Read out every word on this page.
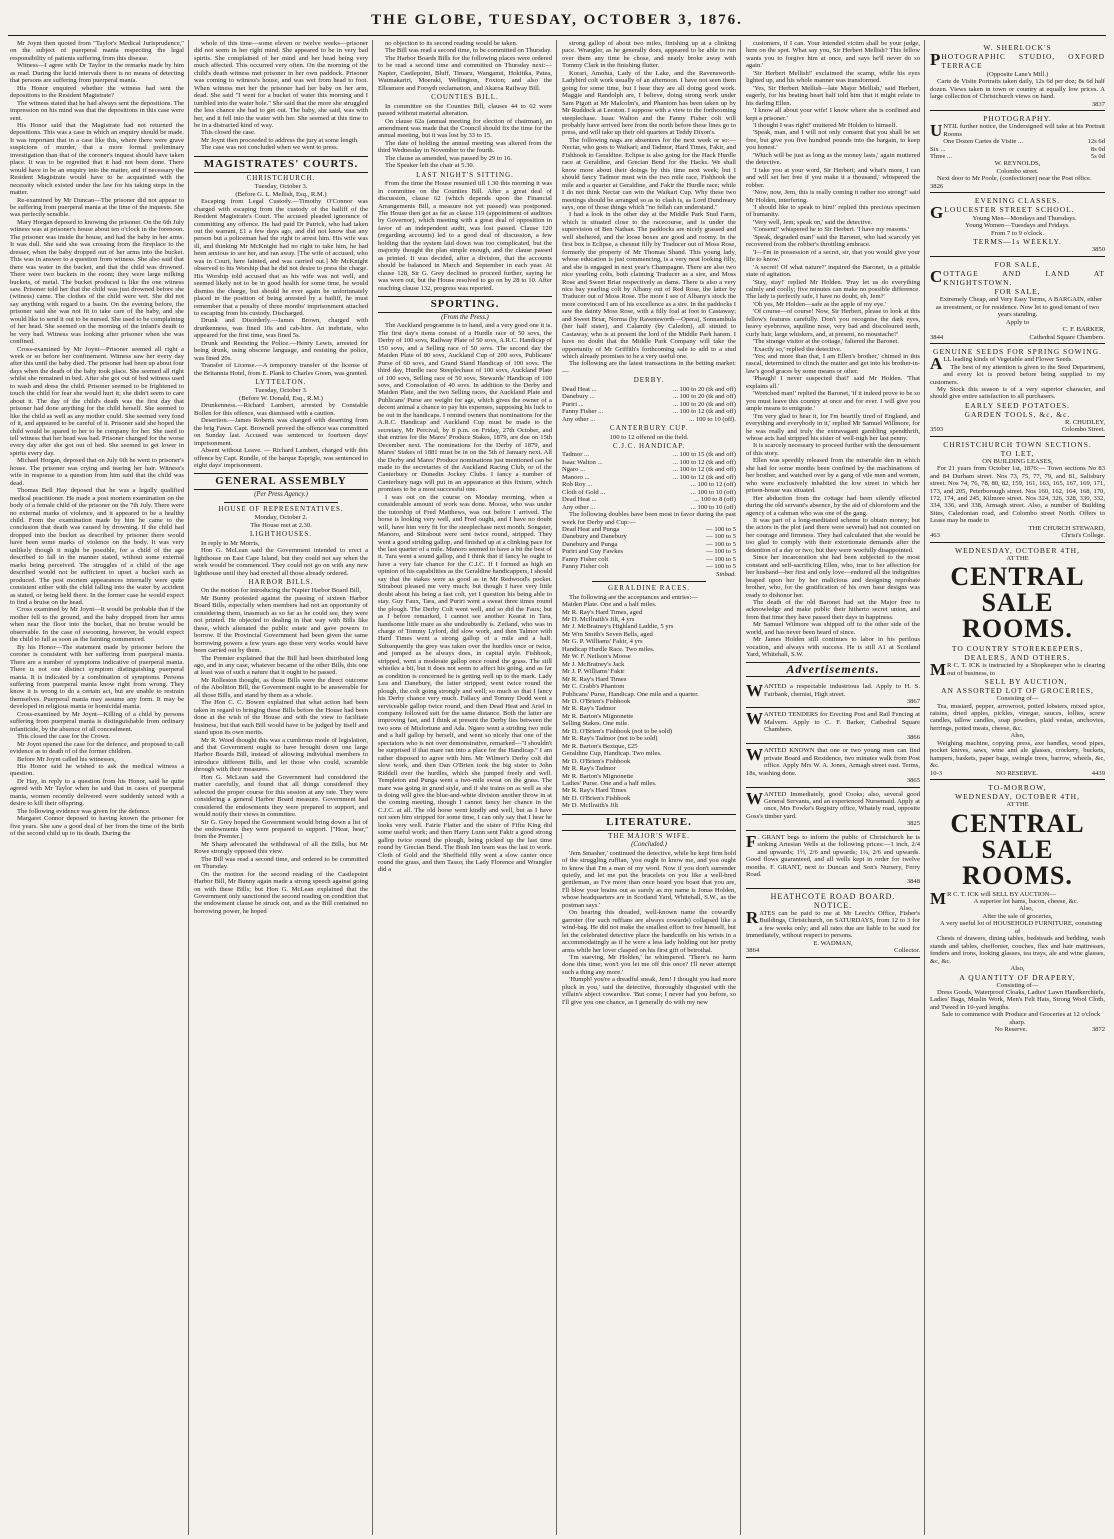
THE GLOBE, TUESDAY, OCTOBER 3, 1876.

Mr Joynt then quoted from "Taylor's Medical Jurisprudence," on the subject of puerperal mania respecting the legal responsibility of patients suffering from this disease.

Witness—I agree with Dr Taylor in the remarks made by him as read. During the lucid intervals there is no means of detecting that persons are suffering from puerperal mania.

His Honor enquired whether the witness had sent the depositions to the Resident Magistrate?

The witness stated that he had always sent the depositions. The impression on his mind was that the depositions in this case were sent.

His Honor said that the Magistrate had not returned the depositions. This was a case in which an enquiry should be made. It was important that in a case like this, where there were grave suspicions of murder, that a more formal preliminary investigation than that of the coroner's inquest should have taken place. It was to be regretted that it had not been done. There would have to be an enquiry into the matter, and if necessary the Resident Magistrate would have to be acquainted with the necessity which existed under the law for his taking steps in the matter.

Re-examined by Mr Duncan—The prisoner did not appear to be suffering from puerperal mania at the time of the inquests. She was perfectly sensible.

Mary Horgan deposed to knowing the prisoner. On the 6th July witness was at prisoner's house about ten o'clock in the forenoon. The prisoner was inside the house, and had the baby in her arms. It was dull. She said she was crossing from the fireplace to the dresser, when the baby dropped out of her arms into the bucket. This was in answer to a question from witness. She also said that there was water in the bucket, and that the child was drowned. There were two buckets in the room; they were large milking buckets, of metal. The bucket produced is like the one witness saw. Prisoner told her that the child was just drowned before she (witness) came. The clothes of the child were wet. She did not say anything with regard to a basin. On the evening before, the prisoner said she was not fit to take care of the baby, and she would like to send it out to be nursed. She used to be complaining of her head. She seemed on the morning of the infant's death to be very bad. Witness was looking after prisoner when she was confined.

Cross-examined by Mr Joynt—Prisoner seemed all right a week or so before her confinement. Witness saw her every day after this until the baby died. The prisoner had been up about four days when the death of the baby took place. She seemed all right whilst she remained in bed. After she got out of bed witness used to wash and dress the child. Prisoner seemed to be frightened to touch the child for fear she would hurt it; she didn't seem to care about it. The day of the child's death was the first day that prisoner had done anything for the child herself. She seemed to like the child as well as any mother could. She seemed very fond of it, and appeared to be careful of it. Prisoner said she hoped the child would be spared to her to be company for her. She used to tell witness that her head was bad. Prisoner changed for the worse every day after she got out of bed. She seemed to get lower in spirits every day.

Michael Horgan, deposed that on July 6th he went to prisoner's house. The prisoner was crying and tearing her hair. Witness's wife in response to a question from him said that the child was dead.

Thomas Bell Hay deposed that he was a legally qualified medical practitioner. He made a post mortem examination on the body of a female child of the prisoner on the 7th July. There were no external marks of violence, and it appeared to be a healthy child. From the examination made by him he came to the conclusion that death was caused by drowning. If the child had dropped into the bucket as described by prisoner there would have been some marks of violence on the body. It was very unlikely though it might be possible, for a child of the age described to fall in the manner stated, without some external marks being perceived. The struggles of a child of the age described would not be sufficient to upset a bucket such as produced. The post mortem appearances internally were quite consistent either with the child falling into the water by accident as stated, or being held there. In the former case he would expect to find a bruise on the head.

Cross examined by Mr Joynt—It would be probable that if the mother fell to the ground, and the baby dropped from her arms when near the floor into the bucket, that no bruise would be observable. In the case of swooning, however, he would expect the child to fall as soon as the fainting commenced.

By his Honor—The statement made by prisoner before the coroner is consistent with her suffering from puerperal mania. There are a number of symptoms indicative of puerperal mania. There is not one distinct symptom distinguishing puerperal mania. It is indicated by a combination of symptoms. Persons suffering from puerperal mania know right from wrong. They know it is wrong to do a certain act, but are unable to restrain themselves. Puerperal mania may assume any form. It may be developed in religious mania or homicidal mania.

Cross-examined by Mr Joynt—Killing of a child by persons suffering from puerperal mania is distinguishable from ordinary infanticide, by the absence of all concealment.

This closed the case for the Crown.

Mr Joynt opened the case for the defence, and proposed to call evidence as to death of of the former children.

Before Mr Joynt called his witnesses,

His Honor said he wished to ask the medical witness a question.

Dr Hay, in reply to a question from his Honor, said he quite agreed with Mr Taylor when he said that in cases of puerperal mania, women recently delivered were suddenly seized with a desire to kill their offspring.

The following evidence was given for the defence.

Margaret Connor deposed to having known the prisoner for five years. She saw a good deal of her from the time of the birth of the second child up to its death. During the

whole of this time—some eleven or twelve weeks—prisoner did not seem in her right mind. She appeared to be in very bad spirits. She complained of her mind and her head being very much affected. This occurred very often. On the morning of the child's death witness met prisoner in her own paddock. Prisoner was coming to witness's house, and was wet from head to foot. When witness met her the prisoner had her baby on her arm, dead. She said "I went for a bucket of water this morning and I tumbled into the water hole." She said that the more she struggled the less chance she had to get out. The baby, she said, was with her, and it fell into the water with her. She seemed at this time to be in a distracted kind of way.

This closed the case.

Mr Joynt then proceeded to address the jury at some length.

The case was not concluded when we went to press.

MAGISTRATES' COURTS.
CHRISTCHURCH.
Tuesday, October 3.
(Before G. L. Mellish, Esq., R.M.)

Escaping from Legal Custody.—Timothy O'Connor was charged with escaping from the custody of the bailiff of the Resident Magistrate's Court. The accused pleaded ignorance of committing any offence. He had paid Dr Patrick, who had taken out the warrant, £1 a few days ago, and did not know that any person but a policeman had the right to arrest him. His wife was ill, and thinking Mr McKnight had no right to take him, he had been anxious to see her, and ran away. [The wife of accused, who was in Court, here fainted, and was carried out.] Mr McKnight observed to his Worship that he did not desire to press the charge. His Worship told accused that as his wife was not well, and seemed likely not to be in good health for some time, he would dismiss the charge, but should he ever again be unfortunately placed in the position of being arrested by a bailiff, he must remember that a penalty of three months' imprisonment attached to escaping from his custody. Discharged.

Drunk and Disorderly.—James Brown, charged with drunkenness, was fined 10s and cab-hire. An inebriate, who appeared for the first time, was fined 5s.

Drunk and Resisting the Police.—Henry Lewis, arrested for being drunk, using obscene language, and resisting the police, was fined 20s.

Transfer of License.—A temporary transfer of the license of the Britannia Hotel, from E. Plank to Charles Green, was granted.

LYTTELTON.
Tuesday, October 3.
(Before W. Donald, Esq., R.M.)

Drunkenness.—Richard Lambert, arrested by Constable Bollen for this offence, was dismissed with a caution.

Desertion.—James Roberts was charged with deserting from the brig Fawn. Capt. Brownell proved the offence was committed on Sunday last. Accused was sentenced to fourteen days' imprisonment.

Absent without Leave. — Richard Lambert, charged with this offence by Capt. Rundle, of the barque Esprigle, was sentenced to eight days' imprisonment.

GENERAL ASSEMBLY
(Per Press Agency.)
HOUSE OF REPRESENTATIVES.
Monday, October 2.
The House met at 2.30.
LIGHTHOUSES.

In reply to Mr Morris,

Hon G. McLean said the Government intended to erect a lighthouse on East Cape Island, but they could not say when the work would be commenced. They could not go on with any new lighthouse until they had erected all those already ordered.

HARBOR BILLS.

On the motion for introducing the Napier Harbor Board Bill,

Mr Bunny protested against the passing of sixteen Harbor Board Bills, especially when members had not an opportunity of considering them, inasmuch as so far as he could see, they were not printed. He objected to dealing in that way with Bills like these, which alienated the public estate and gave powers to borrow. If the Provincial Government had been given the same borrowing powers a few years ago these very works would have been carried out by them.

The Premier explained that the Bill had been distributed long ago, and in any case, whatever became of the other Bills, this one at least was of such a nature that it ought to be passed.

Mr Rolleston thought, as those Bills were the direct outcome of the Abolition Bill, the Government ought to be answerable for all those Bills, and stand by them as a whole.

The Hon C. C. Bowen explained that what action had been taken in regard to bringing these Bills before the House had been done at the wish of the House and with the view to facilitate business, but that each Bill would have to be judged by itself and stand upon its own merits.

Mr R. Wood thought this was a cumbrous mode of legislation, and that Government ought to have brought down one large Harbor Boards Bill, instead of allowing individual members to introduce different Bills, and let those who could, scramble through with their measures.

Hon G. McLean said the Government had considered the matter carefully, and found that all things considered they selected the proper course for this session at any rate. They were considering a general Harbor Board measure. Government had considered the endowments they were prepared to support, and would notify their views in committee.

Sir G. Grey hoped the Government would bring down a list of the endowments they were prepared to support. ["Hear, hear," from the Premier.]

Mr Sharp advocated the withdrawal of all the Bills, but Mr Rowe strongly opposed this view.

The Bill was read a second time, and ordered to be committed on Thursday.

On the motion for the second reading of the Castlepoint Harbor Bill, Mr Bunny again made a strong speech against going on with these Bills; but Hon G. McLean explained that the Government only sanctioned the second reading on condition that the endowment clause be struck out, and as the Bill contained no borrowing power, he hoped

no objection to its second reading would be taken.

The Bill was read a second time, to be committed on Thursday.

The Harbor Boards Bills for the following places were ordered to be read a second time and committed on Thursday next:—Napier, Castlepoint, Bluff, Timaru, Wanganui, Hokitika, Patea, Waimakariri, Moeraki, Wellington, Foxton; and also the Ellesmere and Forsyth reclamation, and Akaroa Railway Bill.

COUNTIES BILL.

In committee on the Counties Bill, clauses 44 to 62 were passed without material alteration.

On clause 62a (annual meeting for election of chairman), an amendment was made that the Council should fix the time for the annual meeting, but it was lost by 33 to 15.

The date of holding the annual meeting was altered from the third Wednesday in November to the fourth.

The clause as amended, was passed by 29 to 16.

The Speaker left the chair at 5.30.

LAST NIGHT'S SITTING.

From the time the House resumed till 1.30 this morning it was in committee on the Counties Bill. After a great deal of discussion, clause 62 (which depends upon the Financial Arrangements Bill, a measure not yet passed) was postponed. The House then got as far as clause 119 (appointment of auditors by Governor), which meeting with a great deal of opposition in favor of an independent audit, was lost passed. Clause 120 (regarding accounts) led to a good deal of discussion, a few holding that the system laid down was too complicated, but the majority thought the plan simple enough, and the clause passed as printed. It was decided, after a division, that the accounts should be balanced in March and September in each year. At clause 128, Sir G. Grey declined to proceed further, saying he was worn out, but the House resolved to go on by 28 to 10. After reaching clause 132, progress was reported.

SPORTING.
(From the Press.)

The Auckland programme is to hand, and a very good one it is. The first day's items consist of a Hurdle race of 50 sovs, the Derby of 100 sovs, Railway Plate of 50 sovs, A.R.C. Handicap of 150 sovs, and a Selling race of 50 sovs. The second day the Maiden Plate of 80 sovs, Auckland Cup of 200 sovs, Publicans' Purse of 60 sovs, and Grand Stand Handicap of 100 sovs. The third day, Hurdle race Steeplechase of 100 sovs, Auckland Plate of 100 sovs, Selling race of 50 sovs, Stewards' Handicap of 100 sovs, and Consolation of 40 sovs. In addition to the Derby and Maiden Plate, and the two Selling races, the Auckland Plate and Publicans' Purse are weight for age, which gives the owner of a decent animal a chance to pay his expenses, supposing his luck to be out in the handicaps. I remind owners that nominations for the A.R.C. Handicap and Auckland Cup must be made to the secretary, Mr Percival, by 8 p.m. on Friday, 27th October, and that entries for the Mares' Produce Stakes, 1879, are due on 15th December next. The nominations for the Derby of 1879, and Mares' Stakes of 1881 must be in on the 5th of January next. All the Derby and Mares' Produce nominations just mentioned can be made to the secretaries of the Auckland Racing Club, or of the Canterbury or Dunedin Jockey Clubs. I fancy a number of Canterbury nags will put in an appearance at this fixture, which promises to be a most successful one.

I was out on the course on Monday morning, when a considerable amount of work was done. Moose, who was under the tutorship of Fred Matthews, was out before I arrived. The horse is looking very well, and Fred ought, and I have no doubt will, have him very fit for the steeplechase next month. Songster, Manoro, and Stirabout were sent twice round, stripped. They went a good striding gallop, and finished up at a clinking pace for the last quarter of a mile. Manoro seemed to have a bit the best of it. Tara went a sound gallop, and I think that if fancy he ought to have a very fair chance for the C.J.C. If I formed as high an opinion of his capabilities as the Geraldine handicappers, I should say that the stakes were as good as in Mr Redwood's pocket. Stirabout pleased me very much; but though I have very little doubt about his being a fast colt, yet I question his being able to stay. Guy Faux, Tara, and Puriri went a sweat three times round the plough. The Derby Colt went well, and so did the Faux; but as I before remarked, I cannot see another Kearat in Tara, handsome little mare as she undoubtedly is. Zetland, who was in charge of Tommy Lyford, did slow work, and then Talmor with Hard Times went a strong gallop of a mile and a half. Subsequently the grey was taken over the hurdles once or twice, and jumped as he always does, in capital style. Fishhook, stripped, went a moderate gallop once round the grass. The still whistles a bit, but it does not seem to affect his going, and as far as condition is concerned he is getting well up to the mark. Lady Lea and Danebury, the latter stripped, went twice round the plough, the colt going strongly and well; so much so that I fancy his Derby chance very much. Fallacy and Tommy Dodd went a serviceable gallop twice round, and then Dead Heat and Ariel in company followed suit for the same distance. Both the latter are improving fast, and I think at present the Derby lies between the two sons of Misfortune and Ada. Ngaro went a striding two mile and a half gallop by herself, and went so nicely that one of the spectators who is not over demonstrative, remarked—"I shouldn't be surprised if that mare ran into a place for the Handicap." I am rather disposed to agree with him. Mr Wilmer's Derby colt did slow work, and then Dan O'Brien took the big sister to John Riddell over the hurdles, which she jumped freely and well. Templeton and Punga went a two-mile sweat on the grass. The mare was going in grand style, and if she trains on as well as she is doing will give the blue-and-white division another throw in at the coming meeting, though I cannot fancy her chance in the C.J.C. at all. The old horse went kindly and well, but as I have not seen him stripped for some time, I can only say that I hear he looks very well. Fairie Flatter and the sister of Fiftu King did some useful work; and then Harry Lunn sent Fakir a good strong gallop twice round the plough, being picked up the last time round by Grecian Bend. The Bush Inn team was the last to work. Cloth of Gold and the Sheffield filly went a slow canter once round the grass, and then Tasso; the Lady Florence and Wrangler did a

strong gallop of about two miles, finishing up at a clinking pace. Wrangler, as he generally does, appeared to be able to run over them any time he chose, and nearly broke away with Tommy Clark in the finishing flutter.

Korari, Amohia, Lady of the Lake, and the Ravensworth-Ladybird colt work usually of an afternoon. I have not seen them going for some time, but I hear they are all doing good work. Maggie and Randolph are, I believe, doing strong work under Sam Pigott at Mr Malcolm's, and Phantom has been taken up by Mr Ruddock at Leeston. I suppose with a view to the forthcoming steeplechase. Isaac Walton and the Fanny Fisher colt will probably have arrived here from the north before these lines go to press, and will take up their old quarters at Teddy Dixon's.

The following nags are absentees for the next week or so:—Nectar, who goes to Waikari; and Tadmor, Hard Times, Fakir, and Fishhook to Geraldine. Eclipse is also going for the Hack Hurdle race at Geraldine, and Grecian Bend for the Hacks. We shall know more about their doings by this time next week; but I should fancy Tadmor must win the two mile race, Fishhook the mile and a quarter at Geraldine, and Fakir the Hurdle race; while I do not think Nectar can win the Waikari Cup. Why these two meetings should be arranged so as to clash is, as Lord Dundreary says, one of those things which "no fellah can understand."

I had a look in the other day at the Middle Park Stud Farm, which is situated close to the racecourse, and is under the supervision of Ben Nathan. The paddocks are nicely grassed and well sheltered, and the loose boxes are good and roomy. In the first box is Eclipse, a chesnut filly by Traducer out of Moss Rose, formerly the property of Mr Thomas Shand. This young lady, whose education is just commencing, is a very neat looking filly, and she is engaged in next year's Champagne. There are also two nice yearling colts, both claiming Traducer as a sire, and Moss Rose and Sweet Briar respectively as dams. There is also a very nice bay yearling colt by Albany out of Red Rose, the latter by Traducer out of Moss Rose. The more I see of Albany's stock the more convinced I am of his excellence as a sire. In the paddocks I saw the dainty Moss Rose, with a filly foal at foot to Castaway; and Sweet Briar, Norma (by Ravensworth—Opera), Sonnambula (her half sister), and Calamity (by Caledon), all stinted to Castaway, who is at present the lord of the Middle Park harem. I have no doubt that the Middle Park Company will take the opportunity of Mr Griffith's forthcoming sale to add to a stud which already promises to be a very useful one.

The following are the latest transactions in the betting market:—

DERBY.
Dead Heat ...	... 100 to 20 (tk and off)
Danebury ...	... 100 to 20 (tk and off)
Puriri ...	... 100 to 20 (tk and off)
Fanny Fisher ...	... 100 to 12 (tk and off)
Any other ...	... 100 to 10 (off).
CANTERBURY CUP.
100 to 12 offered on the field.
C.J.C. HANDICAP.
Tadmor ...	... 100 to 15 (tk and off)
Isaac Walton ...	... 100 to 12 (tk and off)
Ngaro ...	... 100 to 12 (tk and off)
Manoro ...	... 100 to 12 (tk and off)
Rob Roy ...	... 100 to 12 (off)
Cloth of Gold ...	... 100 to 10 (off)
Dead Heat ...	... 100 to 8 (off)
Any other ...	... 100 to 10 (off)

The following doubles have been most in favor during the past week for Derby and Cup:—

Dead Heat and Punga	— 100 to 5
Danebury and Danebury	— 100 to 5
Danebury and Punga	— 100 to 5
Puriri and Guy Fawkes	— 100 to 5
Fanny Fisher colt	— 100 to 5
Fanny Fisher colt	— 100 to 5
Sinbad.
GERALDINE RACES.

The following are the acceptances and entries:—

Maiden Plate. One and a half miles.
Mr R. Ray's Hard Times, aged
Mr D. McIlraith's Jilt, 4 yrs
Mr J. McBratney's Highland Laddie, 5 yrs
Mr Wm Smith's Seven Bells, aged
Mr G. P. Williams' Fakir, 4 yrs
Handicap Hurdle Race. Two miles.
Mr W. F. Neilson's Moose
Mr J. McBratney's Jack
Mr J. P. Williams' Fakir
Mr R. Ray's Hard Times
Mr C. Crabb's Phantom
Publicans' Purse, Handicap. One mile and a quarter.
Mr D. O'Brien's Fishhook
Mr R. Ray's Tadmor
Mr R. Barton's Mignonette
Selling Stakes. One mile.
Mr D. O'Brien's Fishhook (not to be sold)
Mr R. Ray's Tadmor (not to be sold)
Mr R. Barton's Bezique, £25
Geraldine Cup, Handicap. Two miles.
Mr D. O'Brien's Fishhook
Mr R. Ray's Tadmor
Mr R. Barton's Mignonette
Ladies' Purse. One and a half miles.
Mr R. Ray's Hard Times
Mr D. O'Brien's Fishhook
Mr D. McIlraith's Jilt
LITERATURE.
THE MAJOR'S WIFE.
(Concluded.)

'Jem Smasher,' continued the detective, while he kept firm hold of the struggling ruffian, 'you ought to know me, and you ought to know that I'm a man of my word. Now if you don't surrender quietly, and let me put the bracelets on you like a well-bred gentleman, as I've more than once heard you boast that you are, I'll blow your brains out as surely as my name is Jonas Holden, whose headquarters are in Scotland Yard, Whitehall, S.W., as the postman says.'

On hearing this dreaded, well-known name the cowardly garroter (for such ruffians are always cowards) collapsed like a wind-bag. He did not make the smallest effort to free himself, but let the celebrated detective place the handcuffs on his wrists in a accommodatingly as if he were a less lady holding out her pretty arms while her lover clasped on his first gift of betrothal.

'I'm starving, Mr Holden,' he whimpered. 'There's no harm done this time; won't you let me off this once? I'll never attempt such a thing any more.'

'Humph! you're a dreadful sneak, Jem! I thought you had more pluck in you,' said the detective, thoroughly disgusted with the villain's abject cowardice. 'But come; I never had you before, so I'll give you one chance, as I generally do with my new

customers, if I can. Your intended victim shall be your judge, here on the spot. What say you, Sir Herbert Mellish? This fellow wants you to forgive him at once, and says he'll never do so again.'

'Sir Herbert Mellish!' exclaimed the scamp, while his eyes lighted up, and his whole manner was transformed.

'Yes, Sir Herbert Mellish—late Major Mellish,' said Herbert, eagerly, for his beating heart half told him that it might relate to his darling Ellen.

'I know all about your wife! I know where she is confined and kept a prisoner.'

'I thought I was right!' muttered Mr Holden to himself.

'Speak, man, and I will not only consent that you shall be set free, but give you five hundred pounds into the bargain, to keep you honest.'

'Which will be just as long as the money lasts,' again muttered the detective.

'I take you at your word, Sir Herbert; and what's more, I can and will set her free if you make it a thousand,' whispered the robber.

'Now, now, Jem, this is really coming it rather too strong!' said Mr Holden, interfering.

'I should like to speak to him!' replied this precious specimen of humanity.

'Very well, Jem; speak on,' said the detective.

'Consent!' whispered he to Sir Herbert. 'I have my reasons.'

'Speak, degraded man!' said the Baronet, who had scarcely yet recovered from the robber's throttling embrace.

'I—I'm in possession of a secret, sir, that you would give your life to know.'

'A secret! Of what nature?' inquired the Baronet, in a pitiable state of agitation.

'Stay, stay!' replied Mr Holden. 'Pray let us do everything calmly and coolly; five minutes can make no possible difference. The lady is perfectly safe, I have no doubt, eh, Jem?'

'Oh yes, Mr Holden—safe as the apple of my eye.'

'Of course—of course! Now, Sir Herbert, please to look at this fellow's features carefully. Don't you recognise the dark eyes, heavy eyebrows, aquiline nose, very bad and discoloured teeth, curly hair, large whiskers, and, at present, no moustache?'

'The strange visitor at the cottage,' faltered the Baronet.

'Exactly so,' replied the detective.

'Yes; and more than that, I am Ellen's brother,' chimed in this rascal, determined to clinch the matter and get into his brother-in-law's good graces by some means or other.

'Phaugh! I never suspected that!' said Mr Holden. 'That explains all.'

'Wretched man!' replied the Baronet, 'if it indeed prove to be so you must leave this country at once and for ever. I will give you ample means to emigrate.'

'I'm very glad to hear it, for I'm heartily tired of England, and everything and everybody in it,' replied Mr Samuel Willmore, for he was really and truly the extravagant gambling spendthrift, whose acts had stripped his sister of well-nigh her last penny.

It is scarcely necessary to proceed further with the denouement of this story.

Ellen was speedily released from the miserable den in which she had for some months been confined by the machinations of her brother, and watched over by a gang of vile men and women, who were exclusively inhabited the low street in which her prison-house was situated.

Her abduction from the cottage had been silently effected during the old servant's absence, by the aid of chloroform and the agency of a cabman who was one of the gang.

It was part of a long-meditated scheme to obtain money; but the actors in the plot (and there were several) had not counted on her courage and firmness. They had calculated that she would be too glad to comply with their extortionate demands after the detention of a day or two; but they were woefully disappointed.

Since her incarceration she had been subjected to the most constant and self-sacrificing Ellen, who, true to her affection for her husband—her first and only love—endured all the indignities heaped upon her by her malicious and designing reprobate brother, who, for the gratification of his own base designs was ready to dishonor her.

The death of the old Baronet had set the Major free to acknowledge and make public their hitherto secret union, and from that time they have passed their days in happiness.

Mr Samuel Wilmore was shipped off to the other side of the world, and has never been heard of since.

Mr James Holden still continues to labor in his perilous vocation, and always with success. He is still A1 at Scotland Yard, Whitehall, S.W.

Advertisements.
WANTED a respectable industrious lad. Apply to H. S. Fairbank, chemist, High street.
3867
WANTED TENDERS for Erecting Post and Rail Fencing at Malvern. Apply to C. F. Barker, Cathedral Square Chambers.
3866
WANTED KNOWN that one or two young men can find private Board and Residence, two minutes walk from Post office. Apply Mrs W. A. Jones, Armagh street east. Terms, 18s, washing done.
3865
WANTED Immediately, good Cooks; also, several good General Servants, and an experienced Nursemaid. Apply at once, Mrs Fowke's Registry office, Whately road, opposite Goss's timber yard.
3825
F . GRANT begs to inform the public of Christchurch he is sinking Artesian Wells at the following prices:—1 inch, 2/4 and upwards; 1½, 2/6 and upwards; 1¼, 2/6 and upwards. Good flows guaranteed, and all wells kept in order for twelve months. F. GRANT, next to Duncan and Son's Nursery, Ferry Road.
3848
HEATHCOTE ROAD BOARD.
NOTICE.
RATES can be paid to me at Mr Leech's Office, Fisher's Buildings, Christchurch, on SATURDAYS, from 12 to 3 for a few weeks only; and all rates due are liable to be sued for immediately, without respect to persons.
E. WADMAN,
3864	Collector.
W. SHERLOCK'S
PHOTOGRAPHIC STUDIO, OXFORD TERRACE
(Opposite Lane's Mill.)

Carte de Visite Portraits taken daily, 12s 6d per doz; 8s 6d half dozen. Views taken in town or country at equally low prices. A large collection of Christchurch views on hand.

3837
PHOTOGRAPHY.
UNTIL further notice, the Undersigned will take at his Portrait Rooms
One Dozen Cartes de Visite ...	12s 6d
Six ...	8s 0d
Three ...	5s 0d
W. REYNOLDS,
Colombo street.

Next door to Mr Poole, (confectioner) near the Post office.

3826
EVENING CLASSES.
GLOUCESTER STREET SCHOOL.
Young Men—Mondays and Thursdays.
Young Women—Tuesdays and Fridays.
From 7 to 9 o'clock.
TERMS—1s WEEKLY.
3850
FOR SALE,
COTTAGE AND LAND AT KNIGHTSTOWN.
FOR SALE,

Extremely Cheap, and Very Easy Terms, A BARGAIN, either as investment, or for residence. Now let to good tenant of two years standing.

Apply to
C. F. BARKER,
3844	Cathedral Square Chambers.
GENUINE SEEDS FOR SPRING SOWING.
ALL leading kinds of Vegetable and Flower Seeds.

The best of my attention is given to the Seed Department, and every lot is proved before being supplied to my customers.

My Stock this season is of a very superior character, and should give entire satisfaction to all purchasers.

EARLY SEED POTATOES.
GARDEN TOOLS, &c, &c.
R. CHUDLEY,
3593	Colombo Street.
CHRISTCHURCH TOWN SECTIONS.
TO LET,
ON BUILDING LEASES,

For 21 years from October 1st, 1876:— Town sections No 83 and 84 Durham street. Nos 73, 75, 77, 79, and 81, Salisbury street. Nos 74, 76, 78, 80, 82, 159, 161, 163, 165, 167, 169, 171, 173, and 205, Peterborough street. Nos 160, 162, 164, 168, 170, 172, 174, and 245, Kilmore street. Nos 324, 326, 328, 330, 332, 334, 336, and 338, Armagh street. Also, a number of Building Sites, Caledonian road, and Colombo street North. Offers to Lease may be made to

THE CHURCH STEWARD,
463	Christ's College.
WEDNESDAY, OCTOBER 4TH,
AT THE
CENTRAL SALE ROOMS.
TO COUNTRY STOREKEEPERS, DEALERS, AND OTHERS.
M R C. T. ICK is instructed by a Shopkeeper who is clearing out of business, to
SELL BY AUCTION,
AN ASSORTED LOT OF GROCERIES,
Consisting of—

Tea, mustard, pepper, arrowroot, potted lobsters, mixed spice, raisins, dried apples, pickles, vinegar, sauces, lollies, screw candles, tallow candles, soap powders, plaid vestas, anchovies, herrings, potted meats, cheese, &c.

Also,

Weighing machine, copying press, axe handles, wood pipes, pocket knives, saws, wine and ale glasses, crockery, buckets, hampers, baskets, paper bags, swingle trees, barrow, wheels, &c, &c.

10-3	NO RESERVE.	4439
TO-MORROW,
WEDNESDAY, OCTOBER 4TH,
AT THE
CENTRAL SALE ROOMS.
M R C. T. ICK will SELL BY AUCTION—
A superior lot hams, bacon, cheese, &c.
Also,
After the sale of groceries,

A very useful lot of HOUSEHOLD FURNITURE, consisting of

Chests of drawers, dining tables, bedsteads and bedding, wash stands and tables, cheffonier, couches, flax and hair mattresses, fenders and irons, looking glasses, tea trays, ale and wine glasses, &c, &c.

Also,
A QUANTITY OF DRAPERY,
Consisting of—

Dress Goods, Waterproof Cloaks, Ladies' Lawn Handkerchiefs, Ladies' Bags, Muslin Work, Men's Felt Hats, Strong Wool Cloth, and Tweed in 10-yard lengths.

Sale to commence with Produce and Groceries at 12 o'clock sharp.

No Reserve.	3872
